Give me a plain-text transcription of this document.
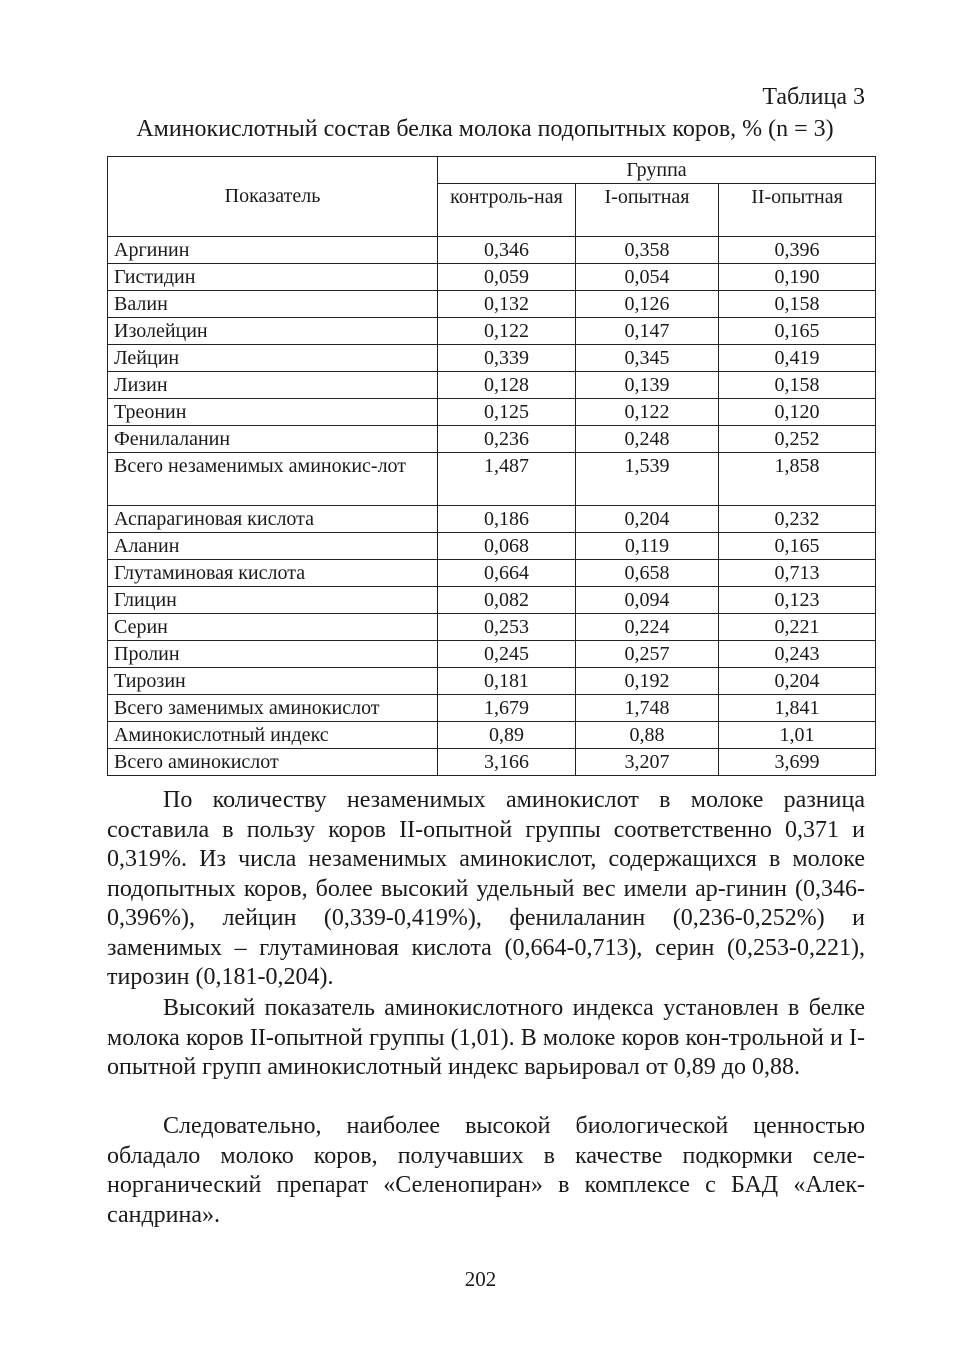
Таблица 3
Аминокислотный состав белка молока подопытных коров, % (n = 3)
Показатель	Группа		
	контроль-ная	I-опытная	II-опытная
Аргинин	0,346	0,358	0,396
Гистидин	0,059	0,054	0,190
Валин	0,132	0,126	0,158
Изолейцин	0,122	0,147	0,165
Лейцин	0,339	0,345	0,419
Лизин	0,128	0,139	0,158
Треонин	0,125	0,122	0,120
Фенилаланин	0,236	0,248	0,252
Всего незаменимых аминокис-лот	1,487	1,539	1,858
Аспарагиновая кислота	0,186	0,204	0,232
Аланин	0,068	0,119	0,165
Глутаминовая кислота	0,664	0,658	0,713
Глицин	0,082	0,094	0,123
Серин	0,253	0,224	0,221
Пролин	0,245	0,257	0,243
Тирозин	0,181	0,192	0,204
Всего заменимых аминокислот	1,679	1,748	1,841
Аминокислотный индекс	0,89	0,88	1,01
Всего аминокислот	3,166	3,207	3,699

По количеству незаменимых аминокислот в молоке разница составила в пользу коров II-опытной группы соответственно 0,371 и 0,319%. Из числа незаменимых аминокислот, содержащихся в молоке подопытных коров, более высокий удельный вес имели ар-гинин (0,346-0,396%), лейцин (0,339-0,419%), фенилаланин (0,236-0,252%) и заменимых – глутаминовая кислота (0,664-0,713), серин (0,253-0,221), тирозин (0,181-0,204).

Высокий показатель аминокислотного индекса установлен в белке молока коров II-опытной группы (1,01). В молоке коров кон-трольной и I-опытной групп аминокислотный индекс варьировал от 0,89 до 0,88.

Следовательно, наиболее высокой биологической ценностью обладало молоко коров, получавших в качестве подкормки селе-норганический препарат «Селенопиран» в комплексе с БАД «Алек-сандрина».

202
